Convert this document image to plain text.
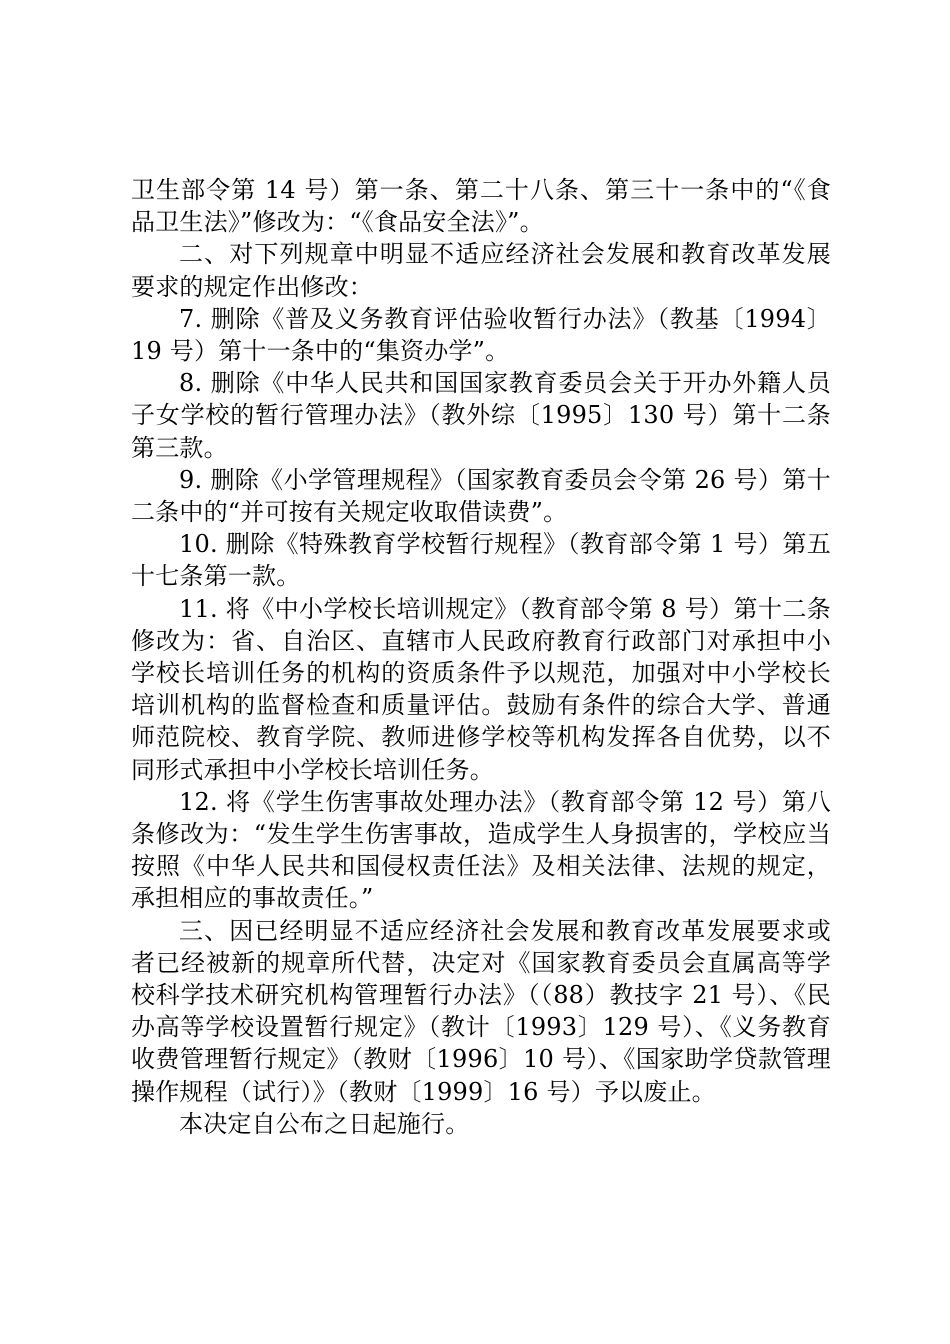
卫生部令第 14 号）第一条、第二十八条、第三十一条中的“《食品卫生法》”修改为：“《食品安全法》”。

二、对下列规章中明显不适应经济社会发展和教育改革发展要求的规定作出修改：

7. 删除《普及义务教育评估验收暂行办法》（教基〔1994〕19 号）第十一条中的“集资办学”。

8. 删除《中华人民共和国国家教育委员会关于开办外籍人员子女学校的暂行管理办法》（教外综〔1995〕130 号）第十二条第三款。

9. 删除《小学管理规程》（国家教育委员会令第 26 号）第十二条中的“并可按有关规定收取借读费”。

10. 删除《特殊教育学校暂行规程》（教育部令第 1 号）第五十七条第一款。

11. 将《中小学校长培训规定》（教育部令第 8 号）第十二条修改为：省、自治区、直辖市人民政府教育行政部门对承担中小学校长培训任务的机构的资质条件予以规范，加强对中小学校长培训机构的监督检查和质量评估。鼓励有条件的综合大学、普通师范院校、教育学院、教师进修学校等机构发挥各自优势，以不同形式承担中小学校长培训任务。

12. 将《学生伤害事故处理办法》（教育部令第 12 号）第八条修改为：“发生学生伤害事故，造成学生人身损害的，学校应当按照《中华人民共和国侵权责任法》及相关法律、法规的规定，承担相应的事故责任。”

三、因已经明显不适应经济社会发展和教育改革发展要求或者已经被新的规章所代替，决定对《国家教育委员会直属高等学校科学技术研究机构管理暂行办法》（（88）教技字 21 号）、《民办高等学校设置暂行规定》（教计〔1993〕129 号）、《义务教育收费管理暂行规定》（教财〔1996〕10 号）、《国家助学贷款管理操作规程（试行）》（教财〔1999〕16 号）予以废止。

本决定自公布之日起施行。
